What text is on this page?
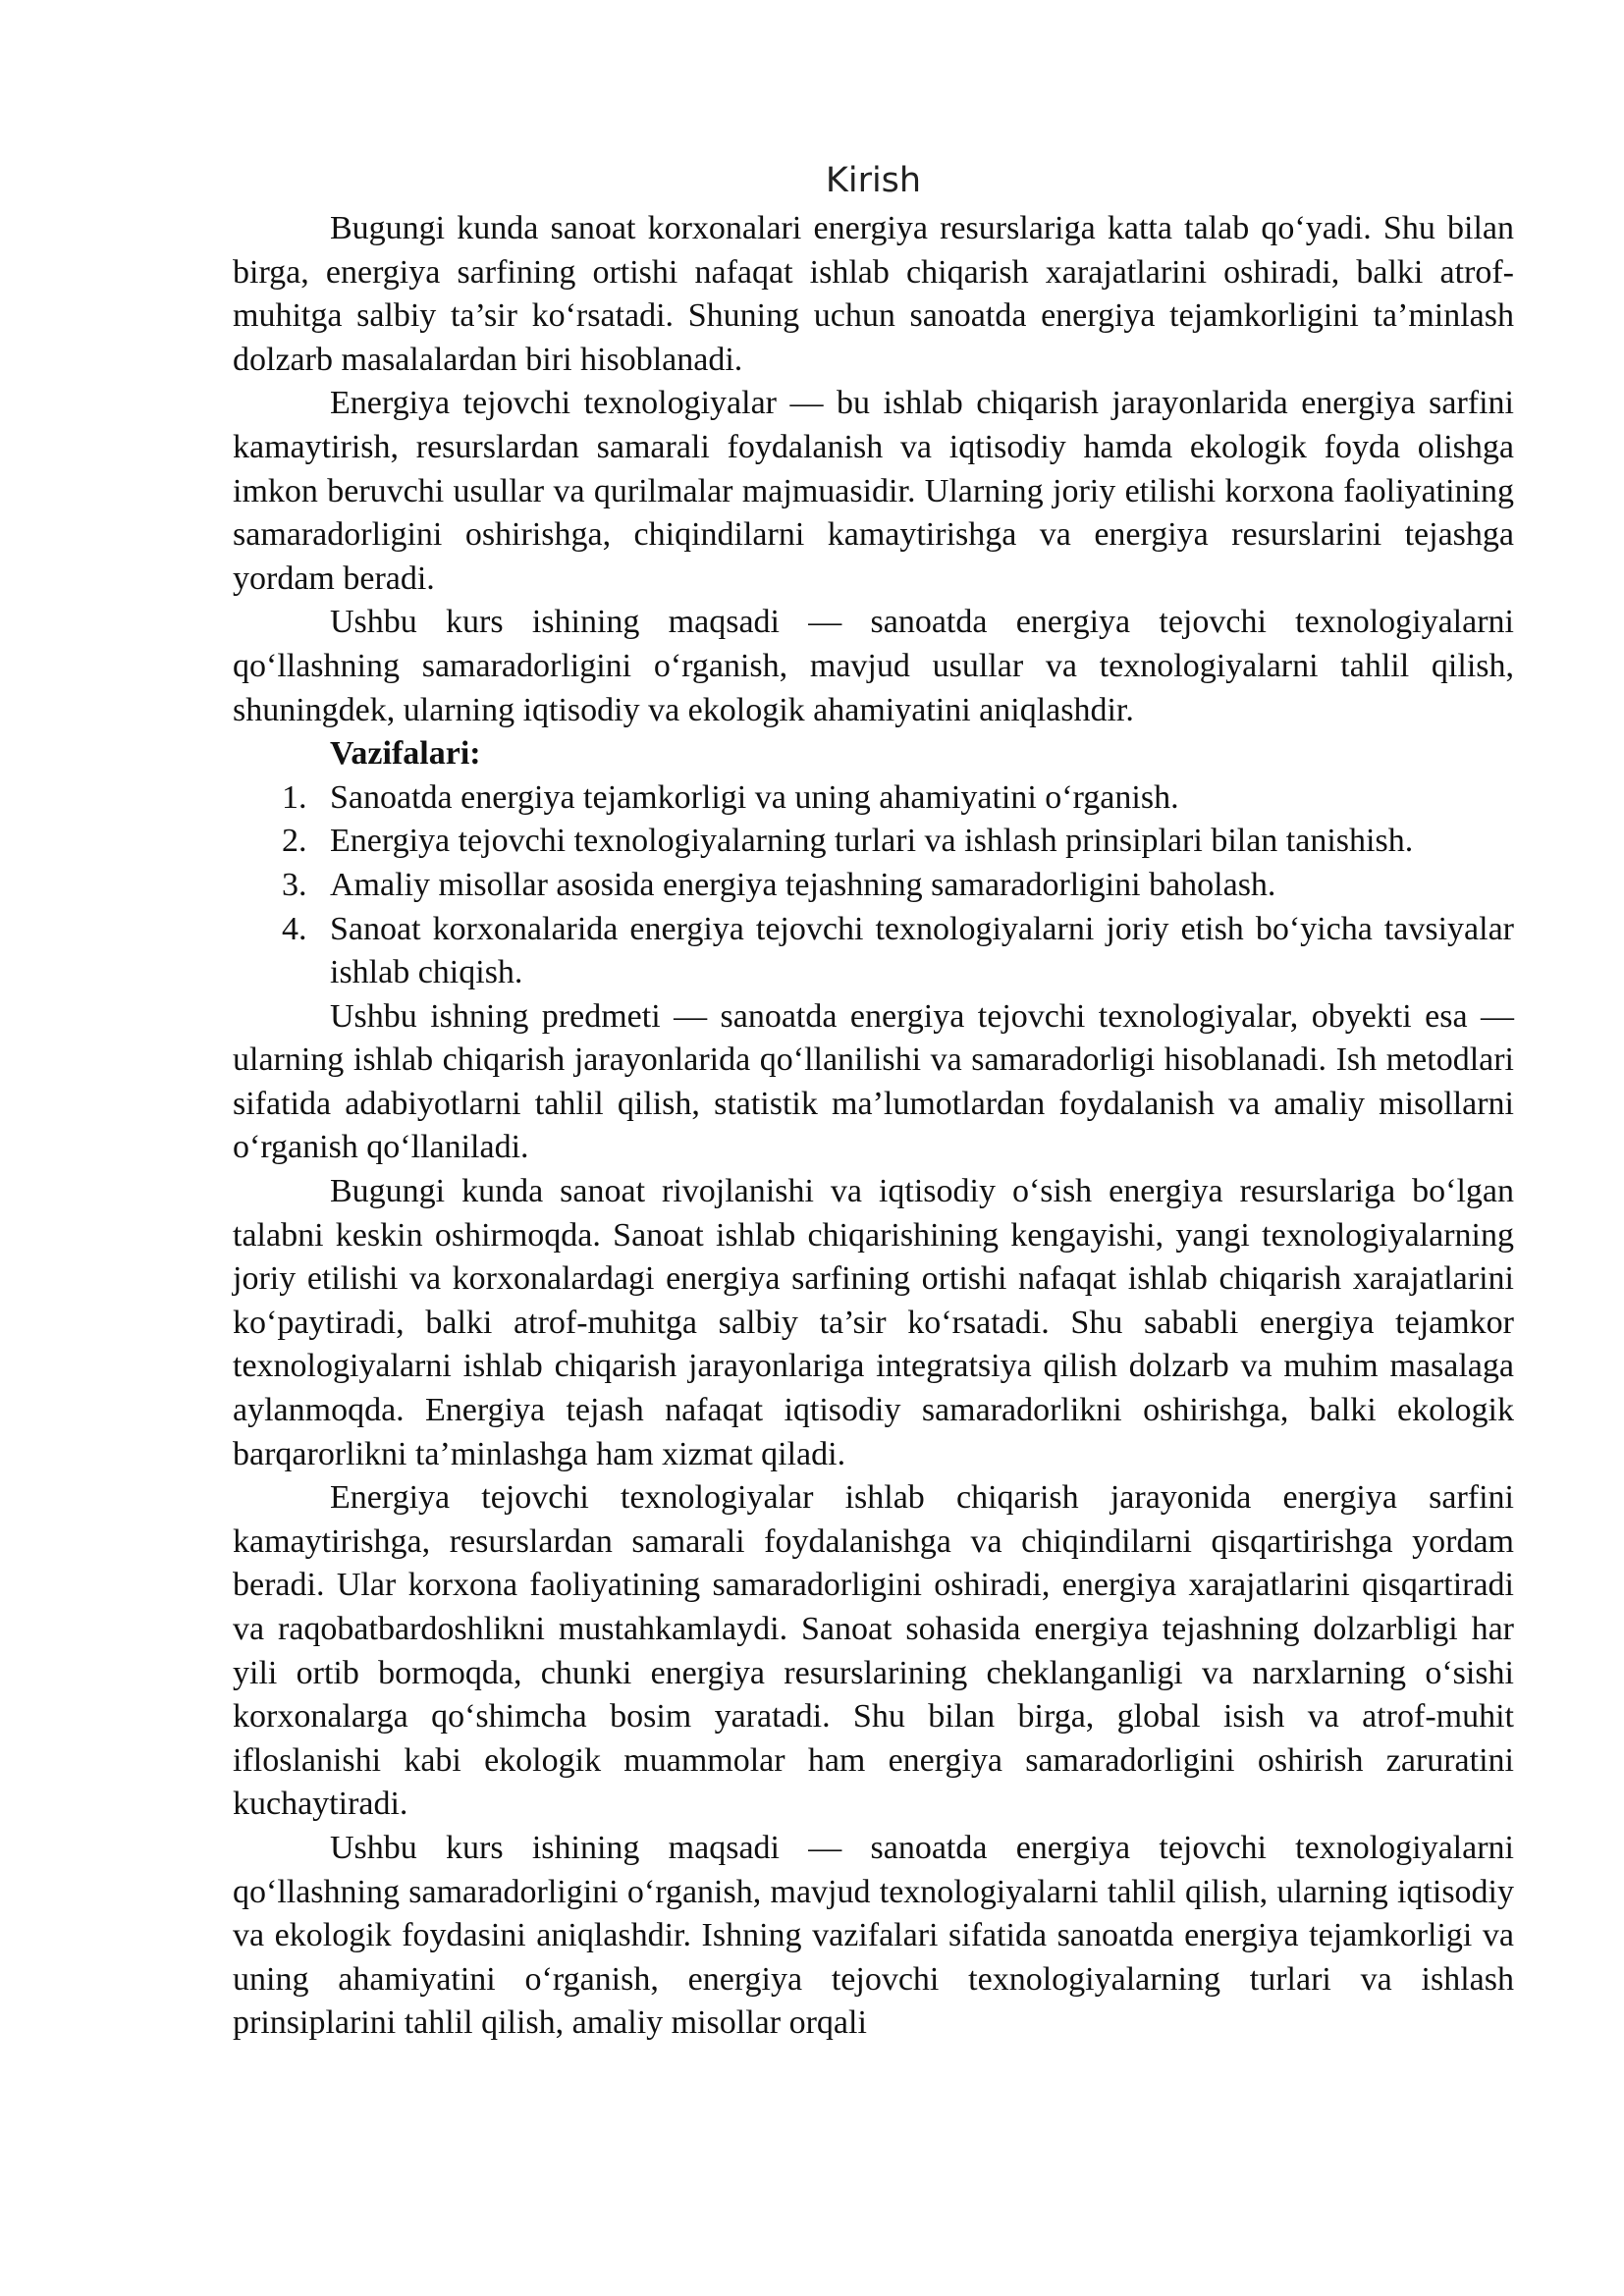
Kirish

Bugungi kunda sanoat korxonalari energiya resurslariga katta talab qo‘yadi. Shu bilan birga, energiya sarfining ortishi nafaqat ishlab chiqarish xarajatlarini oshiradi, balki atrof-muhitga salbiy ta’sir ko‘rsatadi. Shuning uchun sanoatda energiya tejamkorligini ta’minlash dolzarb masalalardan biri hisoblanadi.

Energiya tejovchi texnologiyalar — bu ishlab chiqarish jarayonlarida energiya sarfini kamaytirish, resurslardan samarali foydalanish va iqtisodiy hamda ekologik foyda olishga imkon beruvchi usullar va qurilmalar majmuasidir. Ularning joriy etilishi korxona faoliyatining samaradorligini oshirishga, chiqindilarni kamaytirishga va energiya resurslarini tejashga yordam beradi.

Ushbu kurs ishining maqsadi — sanoatda energiya tejovchi texnologiyalarni qo‘llashning samaradorligini o‘rganish, mavjud usullar va texnologiyalarni tahlil qilish, shuningdek, ularning iqtisodiy va ekologik ahamiyatini aniqlashdir.

Vazifalari:
1. Sanoatda energiya tejamkorligi va uning ahamiyatini o‘rganish.
2. Energiya tejovchi texnologiyalarning turlari va ishlash prinsiplari bilan tanishish.
3. Amaliy misollar asosida energiya tejashning samaradorligini baholash.
4. Sanoat korxonalarida energiya tejovchi texnologiyalarni joriy etish bo‘yicha tavsiyalar ishlab chiqish.

Ushbu ishning predmeti — sanoatda energiya tejovchi texnologiyalar, obyekti esa — ularning ishlab chiqarish jarayonlarida qo‘llanilishi va samaradorligi hisoblanadi. Ish metodlari sifatida adabiyotlarni tahlil qilish, statistik ma’lumotlardan foydalanish va amaliy misollarni o‘rganish qo‘llaniladi.

Bugungi kunda sanoat rivojlanishi va iqtisodiy o‘sish energiya resurslariga bo‘lgan talabni keskin oshirmoqda. Sanoat ishlab chiqarishining kengayishi, yangi texnologiyalarning joriy etilishi va korxonalardagi energiya sarfining ortishi nafaqat ishlab chiqarish xarajatlarini ko‘paytiradi, balki atrof-muhitga salbiy ta’sir ko‘rsatadi. Shu sababli energiya tejamkor texnologiyalarni ishlab chiqarish jarayonlariga integratsiya qilish dolzarb va muhim masalaga aylanmoqda. Energiya tejash nafaqat iqtisodiy samaradorlikni oshirishga, balki ekologik barqarorlikni ta’minlashga ham xizmat qiladi.

Energiya tejovchi texnologiyalar ishlab chiqarish jarayonida energiya sarfini kamaytirishga, resurslardan samarali foydalanishga va chiqindilarni qisqartirishga yordam beradi. Ular korxona faoliyatining samaradorligini oshiradi, energiya xarajatlarini qisqartiradi va raqobatbardoshlikni mustahkamlaydi. Sanoat sohasida energiya tejashning dolzarbligi har yili ortib bormoqda, chunki energiya resurslarining cheklanganligi va narxlarning o‘sishi korxonalarga qo‘shimcha bosim yaratadi. Shu bilan birga, global isish va atrof-muhit ifloslanishi kabi ekologik muammolar ham energiya samaradorligini oshirish zaruratini kuchaytiradi.

Ushbu kurs ishining maqsadi — sanoatda energiya tejovchi texnologiyalarni qo‘llashning samaradorligini o‘rganish, mavjud texnologiyalarni tahlil qilish, ularning iqtisodiy va ekologik foydasini aniqlashdir. Ishning vazifalari sifatida sanoatda energiya tejamkorligi va uning ahamiyatini o‘rganish, energiya tejovchi texnologiyalarning turlari va ishlash prinsiplarini tahlil qilish, amaliy misollar orqali
